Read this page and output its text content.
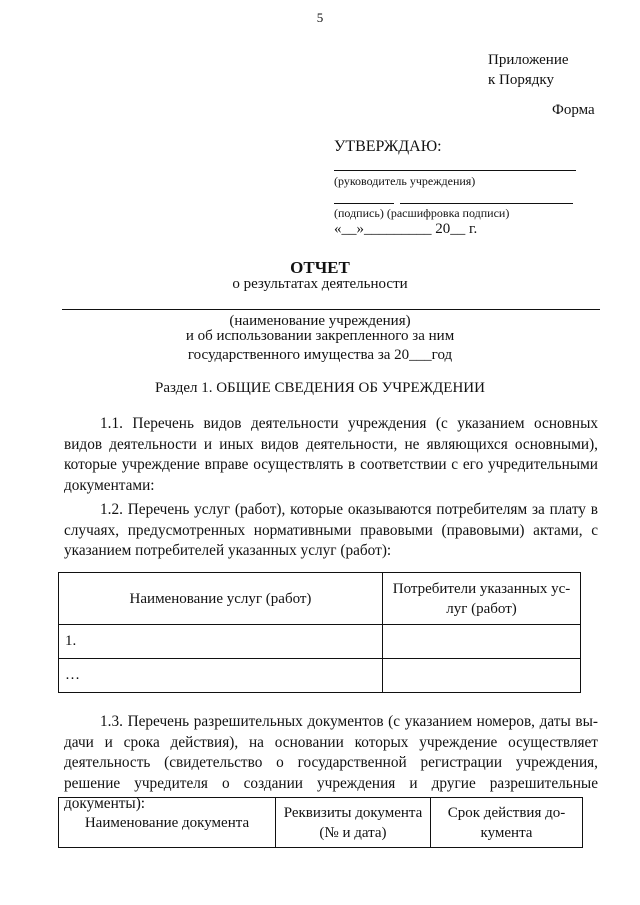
5
Приложение
к Порядку
Форма
УТВЕРЖДАЮ:
(руководитель учреждения)
(подпись) (расшифровка подписи)
«__»_________ 20__ г.
ОТЧЕТ
о результатах деятельности
(наименование учреждения)
и об использовании закрепленного за ним
государственного имущества за 20___год
Раздел 1. ОБЩИЕ СВЕДЕНИЯ ОБ УЧРЕЖДЕНИИ
1.1. Перечень видов деятельности учреждения (с указанием основных видов деятельности и иных видов деятельности, не являющихся основными), которые учреждение вправе осуществлять в соответствии с его учредительными документами:
1.2. Перечень услуг (работ), которые оказываются потребителям за плату в случаях, предусмотренных нормативными правовыми (правовыми) актами, с указанием потребителей указанных услуг (работ):
Наименование услуг (работ)	Потребители указанных ус-луг (работ)
1.	
…	
1.3. Перечень разрешительных документов (с указанием номеров, даты выдачи и срока действия), на основании которых учреждение осуществляет деятельность (свидетельство о государственной регистрации учреждения, решение учредителя о создании учреждения и другие разрешительные документы):
Наименование документа	Реквизиты документа (№ и дата)	Срок действия до-кумента
